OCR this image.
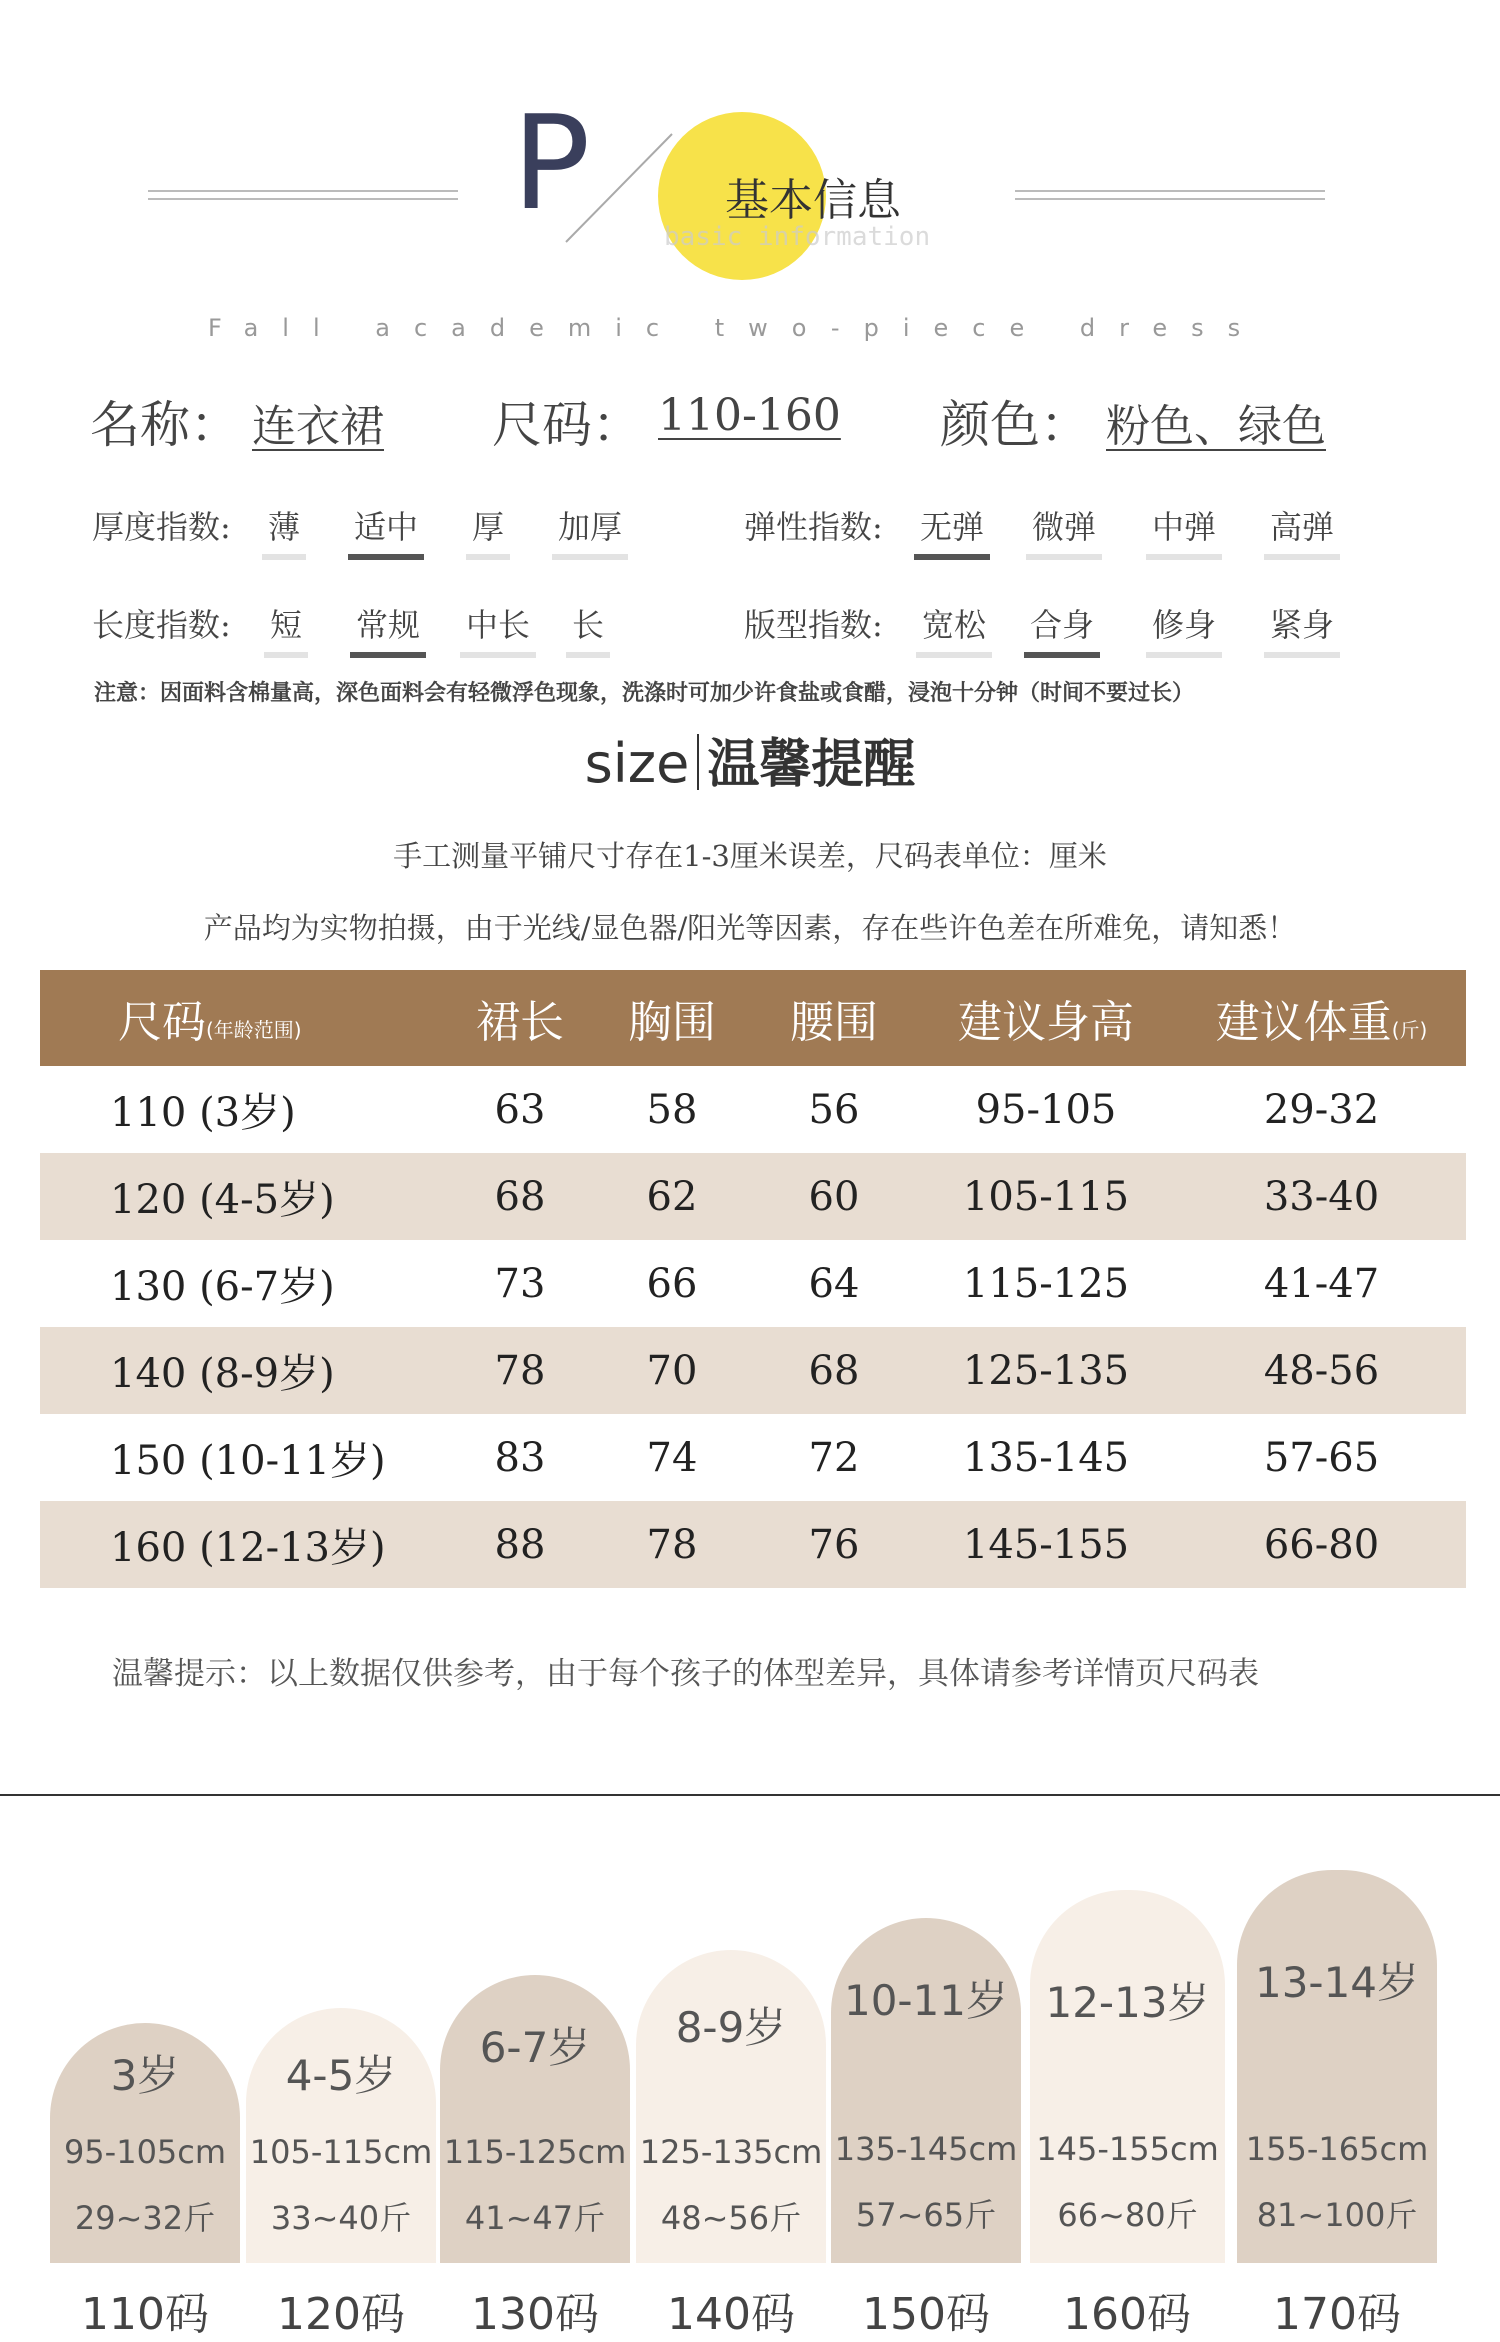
P	基本信息
basic information
Fall academic two-piece dress
名称： 连衣裙 尺码： 110-160 颜色： 粉色、绿色
厚度指数: 薄 适中 厚 加厚	弹性指数: 无弹 微弹 中弹 高弹
长度指数: 短 常规 中长 长	版型指数: 宽松 合身 修身 紧身
注意：因面料含棉量高，深色面料会有轻微浮色现象，洗涤时可加少许食盐或食醋，浸泡十分钟（时间不要过长）
size 温馨提醒
手工测量平铺尺寸存在1-3厘米误差，尺码表单位：厘米
产品均为实物拍摄，由于光线/显色器/阳光等因素，存在些许色差在所难免，请知悉！
尺码(年龄范围)	裙长	胸围	腰围	建议身高	建议体重(斤)
110 (3岁)	63	58	56	95-105	29-32
120 (4-5岁)	68	62	60	105-115	33-40
130 (6-7岁)	73	66	64	115-125	41-47
140 (8-9岁)	78	70	68	125-135	48-56
150 (10-11岁)	83	74	72	135-145	57-65
160 (12-13岁)	88	78	76	145-155	66-80
温馨提示：以上数据仅供参考，由于每个孩子的体型差异，具体请参考详情页尺码表
3岁
95-105cm
29~32斤
4-5岁
105-115cm
33~40斤
6-7岁
115-125cm
41~47斤
8-9岁
125-135cm
48~56斤
10-11岁
135-145cm
57~65斤
12-13岁
145-155cm
66~80斤
13-14岁
155-165cm
81~100斤
110码	120码	130码	140码	150码	160码	170码
